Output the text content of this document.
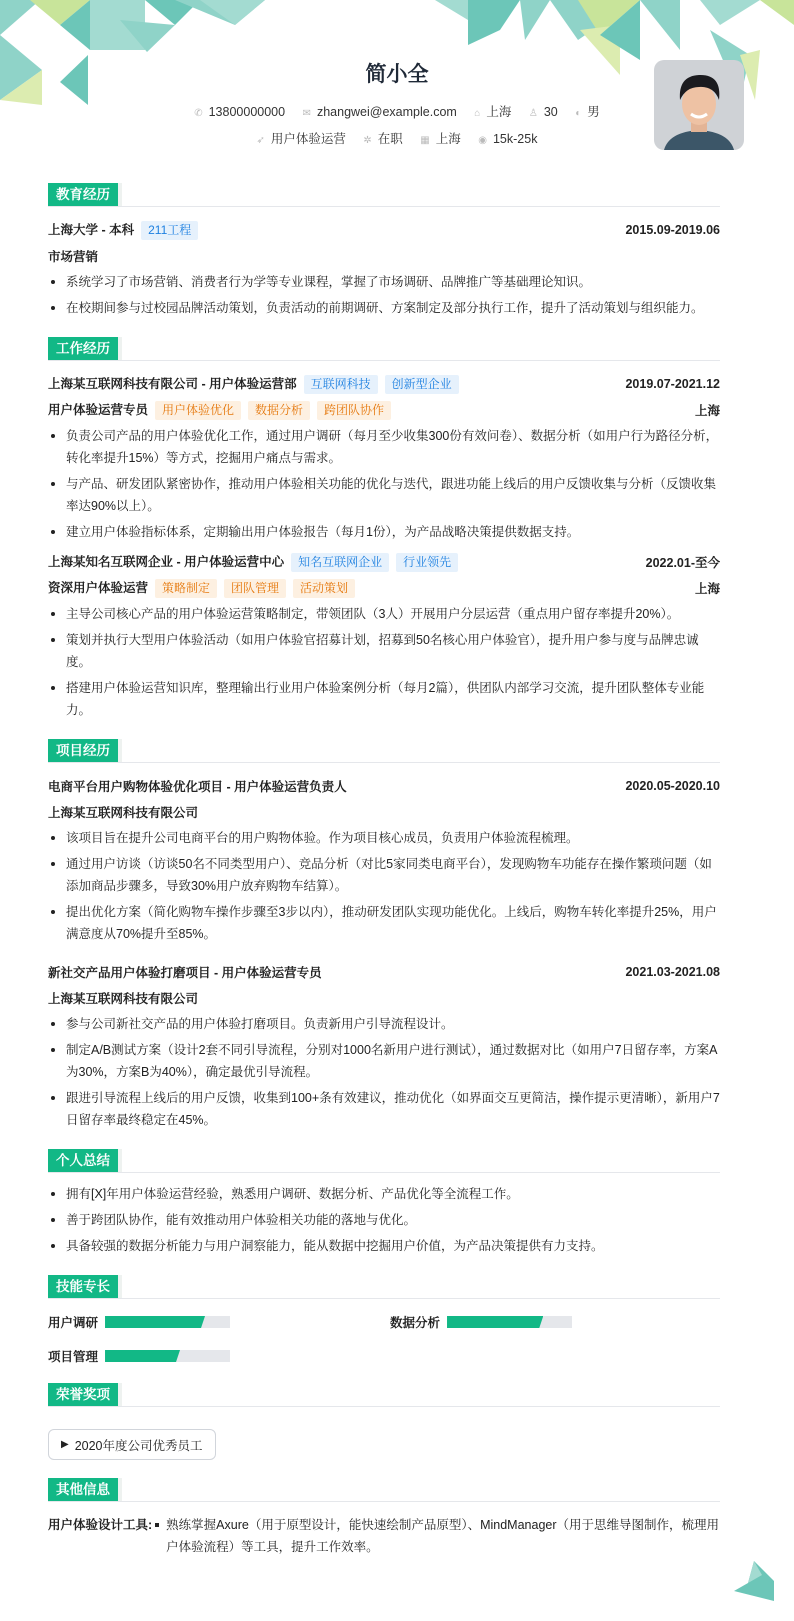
简小全
✆ 13800000000 ✉ zhangwei@example.com ⌂ 上海 ♙ 30 ◐ 男
➶ 用户体验运营 ✲ 在职 ▦ 上海 ◉ 15k-25k
教育经历
上海大学 - 本科 211工程	2015.09-2019.06
市场营销
系统学习了市场营销、消费者行为学等专业课程，掌握了市场调研、品牌推广等基础理论知识。
在校期间参与过校园品牌活动策划，负责活动的前期调研、方案制定及部分执行工作，提升了活动策划与组织能力。
工作经历
上海某互联网科技有限公司 - 用户体验运营部 互联网科技 创新型企业	2019.07-2021.12
用户体验运营专员 用户体验优化 数据分析 跨团队协作	上海
负责公司产品的用户体验优化工作，通过用户调研（每月至少收集300份有效问卷）、数据分析（如用户行为路径分析，转化率提升15%）等方式，挖掘用户痛点与需求。
与产品、研发团队紧密协作，推动用户体验相关功能的优化与迭代，跟进功能上线后的用户反馈收集与分析（反馈收集率达90%以上）。
建立用户体验指标体系，定期输出用户体验报告（每月1份），为产品战略决策提供数据支持。
上海某知名互联网企业 - 用户体验运营中心 知名互联网企业 行业领先	2022.01-至今
资深用户体验运营 策略制定 团队管理 活动策划	上海
主导公司核心产品的用户体验运营策略制定，带领团队（3人）开展用户分层运营（重点用户留存率提升20%）。
策划并执行大型用户体验活动（如用户体验官招募计划，招募到50名核心用户体验官），提升用户参与度与品牌忠诚度。
搭建用户体验运营知识库，整理输出行业用户体验案例分析（每月2篇），供团队内部学习交流，提升团队整体专业能力。
项目经历
电商平台用户购物体验优化项目 - 用户体验运营负责人	2020.05-2020.10
上海某互联网科技有限公司
该项目旨在提升公司电商平台的用户购物体验。作为项目核心成员，负责用户体验流程梳理。
通过用户访谈（访谈50名不同类型用户）、竞品分析（对比5家同类电商平台），发现购物车功能存在操作繁琐问题（如添加商品步骤多，导致30%用户放弃购物车结算）。
提出优化方案（简化购物车操作步骤至3步以内），推动研发团队实现功能优化。上线后，购物车转化率提升25%，用户满意度从70%提升至85%。
新社交产品用户体验打磨项目 - 用户体验运营专员	2021.03-2021.08
上海某互联网科技有限公司
参与公司新社交产品的用户体验打磨项目。负责新用户引导流程设计。
制定A/B测试方案（设计2套不同引导流程，分别对1000名新用户进行测试），通过数据对比（如用户7日留存率，方案A为30%，方案B为40%），确定最优引导流程。
跟进引导流程上线后的用户反馈，收集到100+条有效建议，推动优化（如界面交互更简洁，操作提示更清晰），新用户7日留存率最终稳定在45%。
个人总结
拥有[X]年用户体验运营经验，熟悉用户调研、数据分析、产品优化等全流程工作。
善于跨团队协作，能有效推动用户体验相关功能的落地与优化。
具备较强的数据分析能力与用户洞察能力，能从数据中挖掘用户价值，为产品决策提供有力支持。
技能专长
用户调研	数据分析
项目管理
荣誉奖项
▶ 2020年度公司优秀员工
其他信息
用户体验设计工具:	熟练掌握Axure（用于原型设计，能快速绘制产品原型）、MindManager（用于思维导图制作，梳理用户体验流程）等工具，提升工作效率。
